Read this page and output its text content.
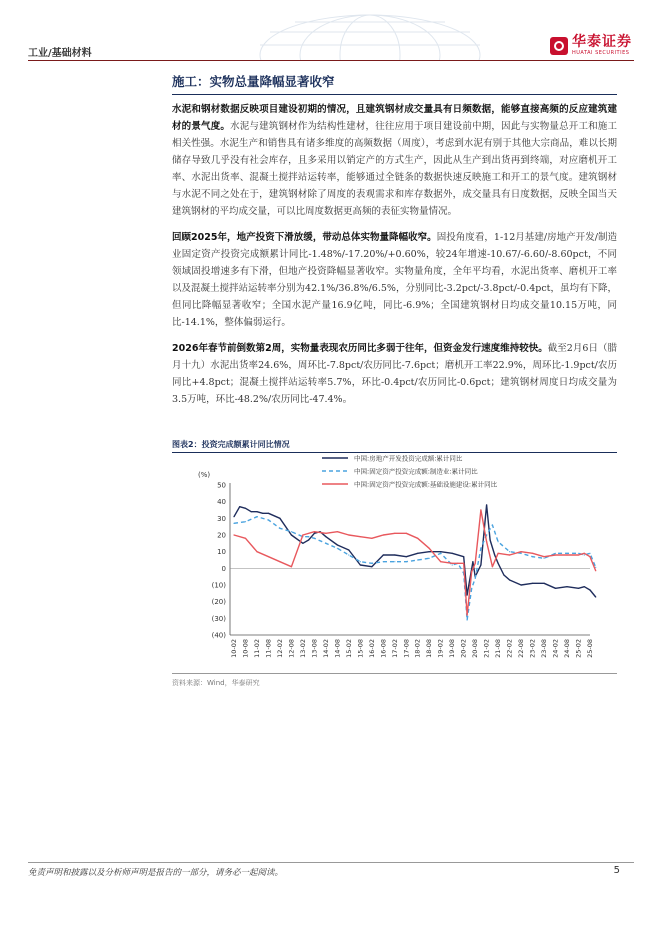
工业/基础材料
华泰证券
HUATAI SECURITIES
施工：实物总量降幅显著收窄

水泥和钢材数据反映项目建设初期的情况，且建筑钢材成交量具有日频数据，能够直接高频的反应建筑建材的景气度。水泥与建筑钢材作为结构性建材，往往应用于项目建设前中期，因此与实物量总开工和施工相关性强。水泥生产和销售具有诸多维度的高频数据（周度），考虑到水泥有别于其他大宗商品，难以长期储存导致几乎没有社会库存，且多采用以销定产的方式生产，因此从生产到出货再到终端，对应磨机开工率、水泥出货率、混凝土搅拌站运转率，能够通过全链条的数据快速反映施工和开工的景气度。建筑钢材与水泥不同之处在于，建筑钢材除了周度的表观需求和库存数据外，成交量具有日度数据，反映全国当天建筑钢材的平均成交量，可以比周度数据更高频的表征实物量情况。

回顾2025年，地产投资下滑放缓，带动总体实物量降幅收窄。固投角度看，1-12月基建/房地产开发/制造业固定资产投资完成额累计同比-1.48%/-17.20%/+0.60%，较24年增速-10.67/-6.60/-8.60pct，不同领域固投增速多有下滑，但地产投资降幅显著收窄。实物量角度，全年平均看，水泥出货率、磨机开工率以及混凝土搅拌站运转率分别为42.1%/36.8%/6.5%，分别同比-3.2pct/-3.8pct/-0.4pct，虽均有下降，但同比降幅显著收窄；全国水泥产量16.9亿吨，同比-6.9%；全国建筑钢材日均成交量10.15万吨，同比-14.1%，整体偏弱运行。

2026年春节前倒数第2周，实物量表现农历同比多弱于往年，但资金发行速度维持较快。截至2月6日（腊月十九）水泥出货率24.6%，周环比-7.8pct/农历同比-7.6pct；磨机开工率22.9%，周环比-1.9pct/农历同比+4.8pct；混凝土搅拌站运转率5.7%，环比-0.4pct/农历同比-0.6pct；建筑钢材周度日均成交量为3.5万吨，环比-48.2%/农历同比-47.4%。

图表2：投资完成额累计同比情况
(%)
50
40
30
20
10
0
(10)
(20)
(30)
(40)
10-02 10-08 11-02 11-08 12-02 12-08 13-02 13-08 14-02 14-08 15-02 15-08 16-02 16-08 17-02 17-08 18-02 18-08 19-02 19-08 20-02 20-08 21-02 21-08 22-02 22-08 23-02 23-08 24-02 24-08 25-02 25-08
中国:房地产开发投资完成额:累计同比
中国:固定资产投资完成额:制造业:累计同比
中国:固定资产投资完成额:基础设施建设:累计同比
资料来源：Wind，华泰研究
免责声明和披露以及分析师声明是报告的一部分，请务必一起阅读。	5
